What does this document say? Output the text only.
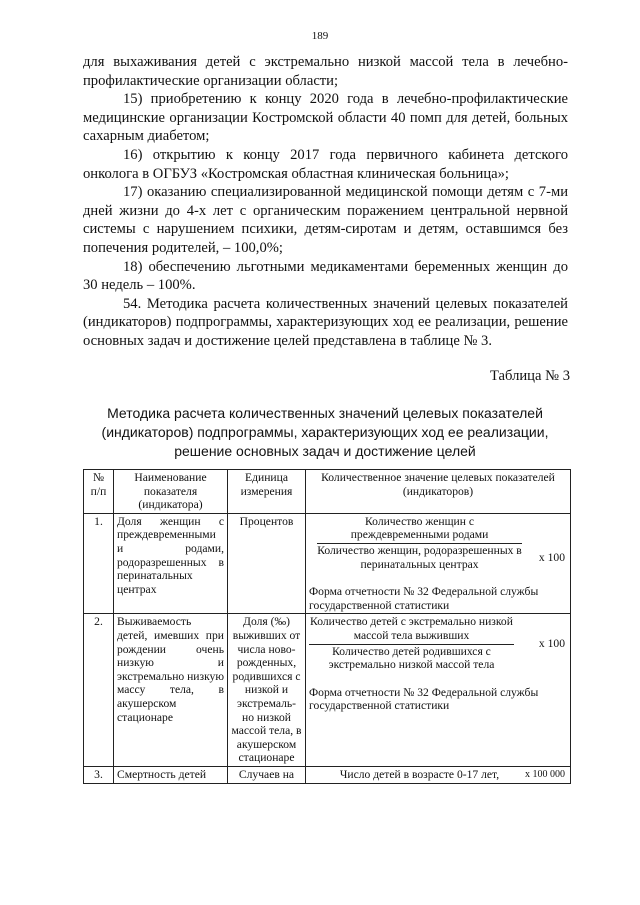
189

для выхаживания детей с экстремально низкой массой тела в лечебно-профилактические организации области;

15) приобретению к концу 2020 года в лечебно-профилактические медицинские организации Костромской области 40 помп для детей, больных сахарным диабетом;

16) открытию к концу 2017 года первичного кабинета детского онколога в ОГБУЗ «Костромская областная клиническая больница»;

17) оказанию специализированной медицинской помощи детям с 7-ми дней жизни до 4-х лет с органическим поражением центральной нервной системы с нарушением психики, детям-сиротам и детям, оставшимся без попечения родителей, – 100,0%;

18) обеспечению льготными медикаментами беременных женщин до 30 недель – 100%.

54. Методика расчета количественных значений целевых показателей (индикаторов) подпрограммы, характеризующих ход ее реализации, решение основных задач и достижение целей представлена в таблице № 3.

Таблица № 3
Методика расчета количественных значений целевых показателей (индикаторов) подпрограммы, характеризующих ход ее реализации, решение основных задач и достижение целей
№ п/п	Наименование показателя (индикатора)	Единица измерения	Количественное значение целевых показателей (индикаторов)
1.	Доля женщин с преждевременными и родами, родоразрешенных в перинатальных центрах	Процентов	Количество женщин с преждевременными родами
Количество женщин, родоразрешенных в перинатальных центрах
x 100
Форма отчетности № 32 Федеральной службы государственной статистики

2.	Выживаемость детей, имевших при рождении очень низкую и экстремально низкую массу тела, в акушерском стационаре	Доля (‰) выживших от числа ново-рожденных, родившихся с низкой и экстремаль-но низкой массой тела, в акушерском стационаре	Количество детей с экстремально низкой массой тела выживших
Количество детей родившихся с экстремально низкой массой тела
x 100
Форма отчетности № 32 Федеральной службы государственной статистики

3.	Смертность детей	Случаев на	Число детей в возрасте 0-17 лет, x 100 000
